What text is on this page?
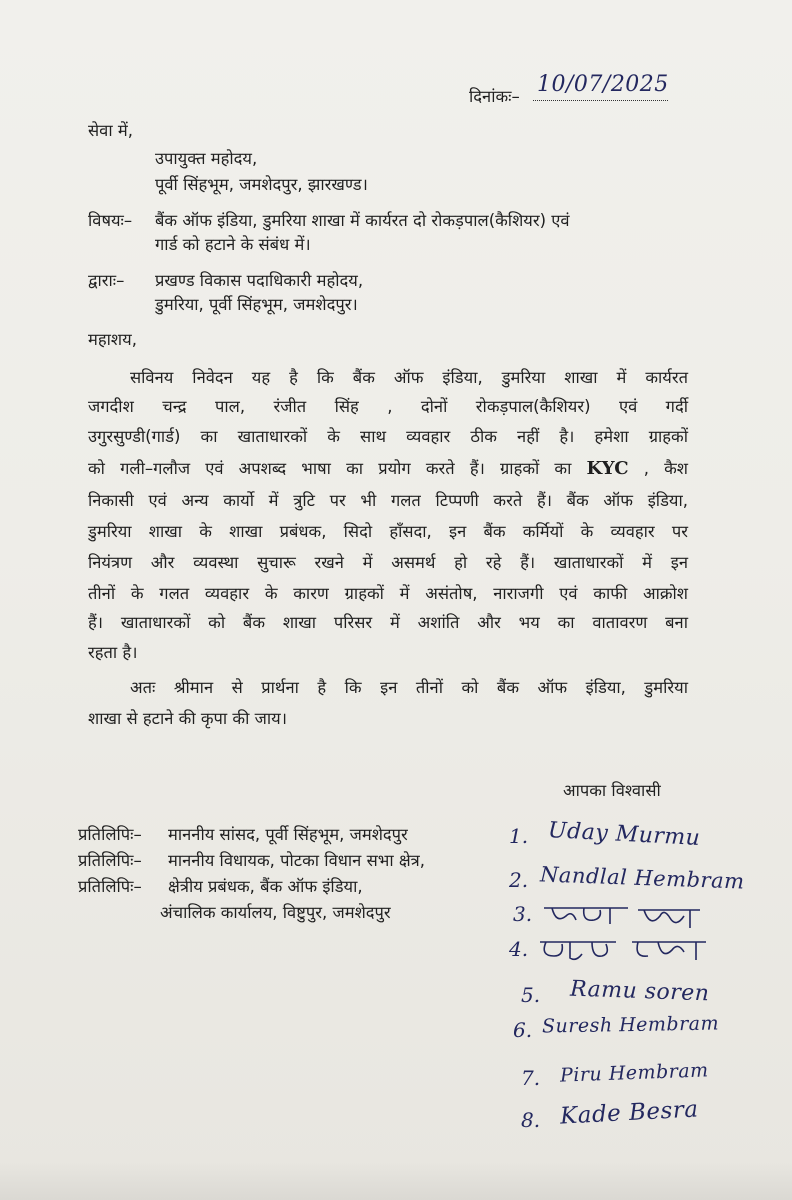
दिनांकः– 10/07/2025
सेवा में,
उपायुक्त महोदय,
पूर्वी सिंहभूम, जमशेदपुर, झारखण्ड।
विषयः– बैंक ऑफ इंडिया, डुमरिया शाखा में कार्यरत दो रोकड़पाल(कैशियर) एवं
गार्ड को हटाने के संबंध में।
द्वाराः– प्रखण्ड विकास पदाधिकारी महोदय,
डुमरिया, पूर्वी सिंहभूम, जमशेदपुर।
महाशय,
सविनय निवेदन यह है कि बैंक ऑफ इंडिया, डुमरिया शाखा में कार्यरत
जगदीश चन्द्र पाल, रंजीत सिंह , दोनों रोकड़पाल(कैशियर) एवं गर्दी
उगुरसुण्डी(गार्ड) का खाताधारकों के साथ व्यवहार ठीक नहीं है। हमेशा ग्राहकों
को गली–गलौज एवं अपशब्द भाषा का प्रयोग करते हैं। ग्राहकों का KYC , कैश
निकासी एवं अन्य कार्यो में त्रुटि पर भी गलत टिप्पणी करते हैं। बैंक ऑफ इंडिया,
डुमरिया शाखा के शाखा प्रबंधक, सिदो हाँसदा, इन बैंक कर्मियों के व्यवहार पर
नियंत्रण और व्यवस्था सुचारू रखने में असमर्थ हो रहे हैं। खाताधारकों में इन
तीनों के गलत व्यवहार के कारण ग्राहकों में असंतोष, नाराजगी एवं काफी आक्रोश
हैं। खाताधारकों को बैंक शाखा परिसर में अशांति और भय का वातावरण बना
रहता है।
अतः श्रीमान से प्रार्थना है कि इन तीनों को बैंक ऑफ इंडिया, डुमरिया
शाखा से हटाने की कृपा की जाय।
आपका विश्वासी
प्रतिलिपिः– माननीय सांसद, पूर्वी सिंहभूम, जमशेदपुर
प्रतिलिपिः– माननीय विधायक, पोटका विधान सभा क्षेत्र,
प्रतिलिपिः– क्षेत्रीय प्रबंधक, बैंक ऑफ इंडिया,
अंचालिक कार्यालय, विष्टुपुर, जमशेदपुर
1. Uday Murmu
2. Nandlal Hembram
3.
4.
5. Ramu soren
6. Suresh Hembram
7. Piru Hembram
8. Kade Besra
